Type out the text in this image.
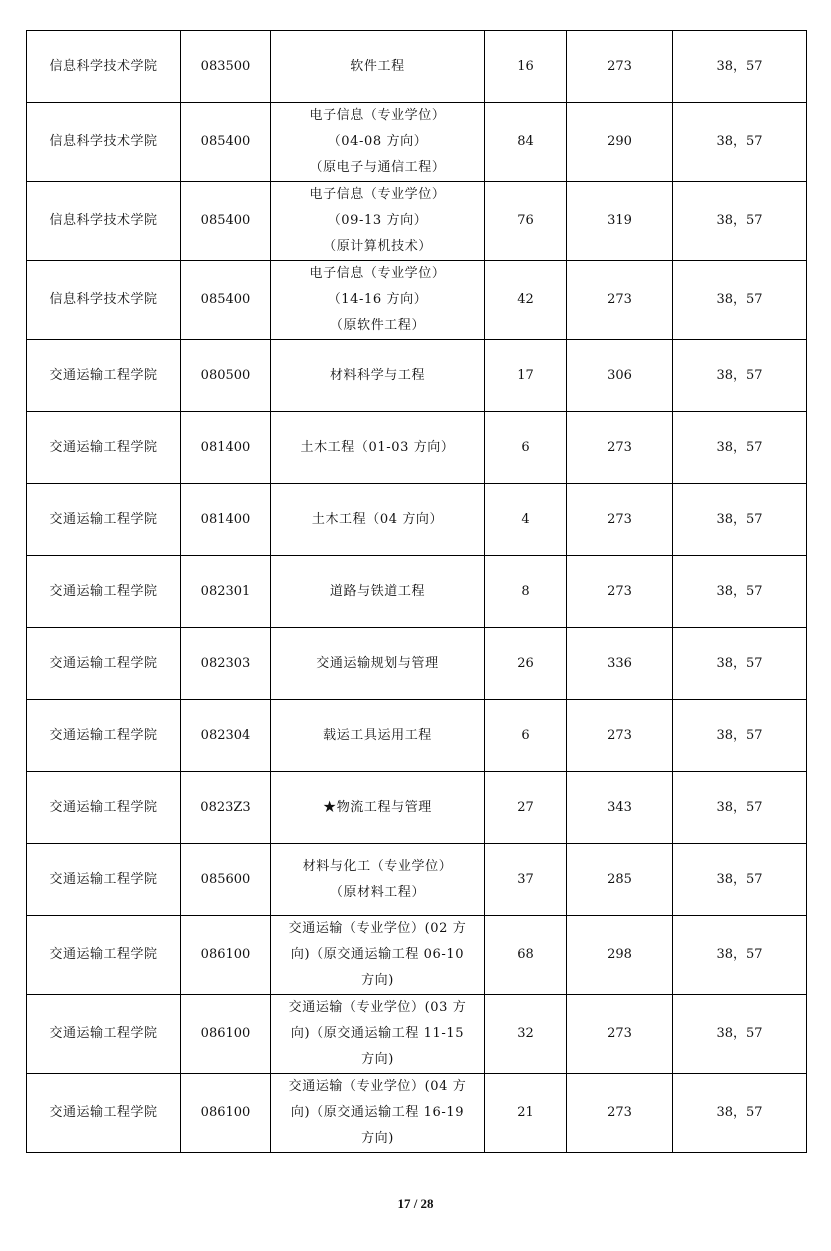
信息科学技术学院	083500	软件工程	16	273	38，57
信息科学技术学院	085400	电子信息（专业学位）
（04-08 方向）
（原电子与通信工程）	84	290	38，57
信息科学技术学院	085400	电子信息（专业学位）
（09-13 方向）
（原计算机技术）	76	319	38，57
信息科学技术学院	085400	电子信息（专业学位）
（14-16 方向）
（原软件工程）	42	273	38，57
交通运输工程学院	080500	材料科学与工程	17	306	38，57
交通运输工程学院	081400	土木工程（01-03 方向）	6	273	38，57
交通运输工程学院	081400	土木工程（04 方向）	4	273	38，57
交通运输工程学院	082301	道路与铁道工程	8	273	38，57
交通运输工程学院	082303	交通运输规划与管理	26	336	38，57
交通运输工程学院	082304	载运工具运用工程	6	273	38，57
交通运输工程学院	0823Z3	★物流工程与管理	27	343	38，57
交通运输工程学院	085600	材料与化工（专业学位）
（原材料工程）	37	285	38，57
交通运输工程学院	086100	交通运输（专业学位）(02 方
向)（原交通运输工程 06-10
方向)	68	298	38，57
交通运输工程学院	086100	交通运输（专业学位）(03 方
向)（原交通运输工程 11-15
方向)	32	273	38，57
交通运输工程学院	086100	交通运输（专业学位）(04 方
向)（原交通运输工程 16-19
方向)	21	273	38，57
17 / 28
